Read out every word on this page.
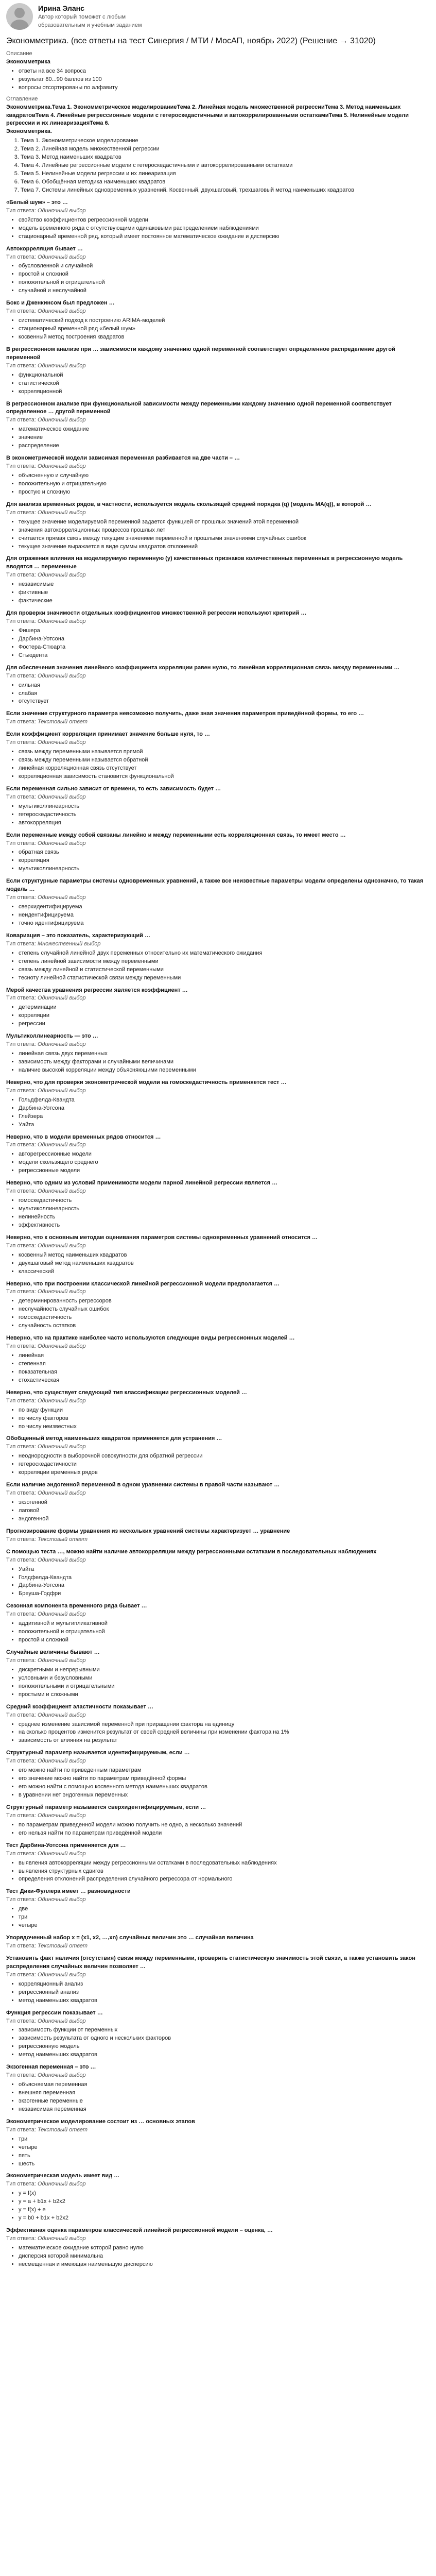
Ирина Эланс
Автор который поможет с любым образовательным и учебным заданием
Экономметрика. (все ответы на тест Синергия / МТИ / МосАП, ноябрь 2022) (Решение → 31020)
Описание
Экономметрика
• ответы на все 34 вопроса
• результат 80...90 баллов из 100
• вопросы отсортированы по алфавиту
Оглавление
Экономметрика.Тема 1. Экономметрическое моделированиеТема 2. Линейная модель множественной регрессииТема 3. Метод наименьших квадратовТема 4. Линейные регрессионные модели с гетероскедастичными и автокоррелированными остаткамиТема 5. Нелинейные модели регрессии и их линеаризацияТема 6.
Экономметрика.
1. Тема 1. Экономметрическое моделирование
2. Тема 2. Линейная модель множественной регрессии
3. Тема 3. Метод наименьших квадратов
4. Тема 4. Линейные регрессионные модели с гетероскедастичными и автокоррелированными остатками
5. Тема 5. Нелинейные модели регрессии и их линеаризация
6. Тема 6. Обобщённая методика наименьших квадратов
7. Тема 7. Системы линейных одновременных уравнений. Косвенный, двухшаговый, трехшаговый метод наименьших квадратов
«Белый шум» – это …
Тип ответа: Одиночный выбор
• свойство коэффициентов регрессионной модели
• модель временного ряда с отсутствующими одинаковыми распределением наблюдениями
• стационарный временной ряд, который имеет постоянное математическое ожидание и дисперсию
Автокорреляция бывает …
Тип ответа: Одиночный выбор
• обусловленной и случайной
• простой и сложной
• положительной и отрицательной
• случайной и неслучайной
Бокс и Дженкинсом был предложен …
Тип ответа: Одиночный выбор
• систематический подход к построению ARIMA-моделей
• стационарный временной ряд «белый шум»
• косвенный метод построения квадратов
В регрессионном анализе при … зависимости каждому значению одной переменной соответствует определенное распределение другой переменной
Тип ответа: Одиночный выбор
• функциональной
• статистической
• корреляционной
В регрессионном анализе при функциональной зависимости между переменными каждому значению одной переменной соответствует определенное … другой переменной
Тип ответа: Одиночный выбор
• математическое ожидание
• значение
• распределение
В эконометрической модели зависимая переменная разбивается на две части – …
Тип ответа: Одиночный выбор
• объясненную и случайную
• положительную и отрицательную
• простую и сложную
Для анализа временных рядов, в частности, используется модель скользящей средней порядка (q) (модель MA(q)), в которой …
Тип ответа: Одиночный выбор
• текущее значение моделируемой переменной задается функцией от прошлых значений этой переменной
• значения автокорреляционных процессов прошлых лет
• считается прямая связь между текущим значением переменной и прошлыми значениями случайных ошибок
• текущее значение выражается в виде суммы квадратов отклонений
Для отражения влияния на моделируемую переменную (y) качественных признаков количественных переменных в регрессионную модель вводятся … переменные
Тип ответа: Одиночный выбор
• независимые
• фиктивные
• фактические
Для проверки значимости отдельных коэффициентов множественной регрессии используют критерий …
Тип ответа: Одиночный выбор
• Фишера
• Дарбина-Уотсона
• Фостера-Стюарта
• Стьюдента
Для обеспечения значения линейного коэффициента корреляции равен нулю, то линейная корреляционная связь между переменными …
Тип ответа: Одиночный выбор
• сильная
• слабая
• отсутствует
Если значение структурного параметра невозможно получить, даже зная значения параметров приведённой формы, то его …
Тип ответа: Текстовый ответ
Если коэффициент корреляции принимает значение больше нуля, то …
Тип ответа: Одиночный выбор
• связь между переменными называется прямой
• связь между переменными называется обратной
• линейная корреляционная связь отсутствует
• корреляционная зависимость становится функциональной
Если переменная сильно зависит от времени, то есть зависимость будет …
Тип ответа: Одиночный выбор
• мультиколлинеарность
• гетероскедастичность
• автокорреляция
Если переменные между собой связаны линейно и между переменными есть корреляционная связь, то имеет место …
Тип ответа: Одиночный выбор
• обратная связь
• корреляция
• мультиколлинеарность
Если структурные параметры системы одновременных уравнений, а также все неизвестные параметры модели определены однозначно, то такая модель …
Тип ответа: Одиночный выбор
• сверхидентифицируема
• неидентифицируема
• точно идентифицируема
Ковариация – это показатель, характеризующий …
Тип ответа: Множественный выбор
• степень случайной линейной двух переменных относительно их математического ожидания
• степень линейной зависимости между переменными
• связь между линейной и статистической переменными
• тесноту линейной статистической связи между переменными
Мерой качества уравнения регрессии является коэффициент …
Тип ответа: Одиночный выбор
• детерминации
• корреляции
• регрессии
Мультиколлинеарность — это …
Тип ответа: Одиночный выбор
• линейная связь двух переменных
• зависимость между факторами и случайными величинами
• наличие высокой корреляции между объясняющими переменными
Неверно, что для проверки эконометрической модели на гомоскедастичность применяется тест …
Тип ответа: Одиночный выбор
• Гольдфелда-Квандта
• Дарбина-Уотсона
• Глейзера
• Уайта
Неверно, что в модели временных рядов относится …
Тип ответа: Одиночный выбор
• авторегрессионные модели
• модели скользящего среднего
• регрессионные модели
Неверно, что одним из условий применимости модели парной линейной регрессии является …
Тип ответа: Одиночный выбор
• гомоскедастичность
• мультиколлинеарность
• нелинейность
• эффективность
Неверно, что к основным методам оценивания параметров системы одновременных уравнений относится …
Тип ответа: Одиночный выбор
• косвенный метод наименьших квадратов
• двухшаговый метод наименьших квадратов
• классический
Неверно, что при построении классической линейной регрессионной модели предполагается …
Тип ответа: Одиночный выбор
• детерминированность регрессоров
• неслучайность случайных ошибок
• гомоскедастичность
• случайность остатков
Неверно, что на практике наиболее часто используются следующие виды регрессионных моделей …
Тип ответа: Одиночный выбор
• линейная
• степенная
• показательная
• стохастическая
Неверно, что существует следующий тип классификации регрессионных моделей …
Тип ответа: Одиночный выбор
• по виду функции
• по числу факторов
• по числу неизвестных
Обобщенный метод наименьших квадратов применяется для устранения …
Тип ответа: Одиночный выбор
• неоднородности в выборочной совокупности для обратной регрессии
• гетероскедастичности
• корреляции временных рядов
Если наличие эндогенной переменной в одном уравнении системы в правой части называют …
Тип ответа: Одиночный выбор
• экзогенной
• лаговой
• эндогенной
Прогнозирование формы уравнения из нескольких уравнений системы характеризует … уравнение
Тип ответа: Текстовый ответ
С помощью теста …, можно найти наличие автокорреляции между регрессионными остатками в последовательных наблюдениях
Тип ответа: Одиночный выбор
• Уайта
• Голдфелда-Квандта
• Дарбина-Уотсона
• Бреуша-Годфри
Сезонная компонента временного ряда бывает …
Тип ответа: Одиночный выбор
• аддитивной и мультипликативной
• положительной и отрицательной
• простой и сложной
Случайные величины бывают …
Тип ответа: Одиночный выбор
• дискретными и непрерывными
• условными и безусловными
• положительными и отрицательными
• простыми и сложными
Средний коэффициент эластичности показывает …
Тип ответа: Одиночный выбор
• среднее изменение зависимой переменной при приращении фактора на единицу
• на сколько процентов изменится результат от своей средней величины при изменении фактора на 1%
• зависимость от влияния на результат
Структурный параметр называется идентифицируемым, если …
Тип ответа: Одиночный выбор
• его можно найти по приведенным параметрам
• его значение можно найти по параметрам приведённой формы
• его можно найти с помощью косвенного метода наименьших квадратов
• в уравнении нет эндогенных переменных
Структурный параметр называется сверхидентифицируемым, если …
Тип ответа: Одиночный выбор
• по параметрам приведенной модели можно получить не одно, а несколько значений
• его нельзя найти по параметрам приведённой модели
Тест Дарбина-Уотсона применяется для …
Тип ответа: Одиночный выбор
• выявления автокорреляции между регрессионными остатками в последовательных наблюдениях
• выявления структурных сдвигов
• определения отклонений распределения случайного регрессора от нормального
Тест Дики-Фуллера имеет … разновидности
Тип ответа: Одиночный выбор
• две
• три
• четыре
Упорядоченный набор x = (x1, x2, …,xn) случайных величин это … случайная величина
Тип ответа: Текстовый ответ
Установить факт наличия (отсутствия) связи между переменными, проверить статистическую значимость этой связи, а также установить закон распределения случайных величин позволяет …
Тип ответа: Одиночный выбор
• корреляционный анализ
• регрессионный анализ
• метод наименьших квадратов
Функция регрессии показывает …
Тип ответа: Одиночный выбор
• зависимость функции от переменных
• зависимость результата от одного и нескольких факторов
• регрессионную модель
• метод наименьших квадратов
Экзогенная переменная – это …
Тип ответа: Одиночный выбор
• объясняемая переменная
• внешняя переменная
• экзогенные переменные
• независимая переменная
Эконометрическое моделирование состоит из … основных этапов
Тип ответа: Текстовый ответ
• три
• четыре
• пять
• шесть
Эконометрическая модель имеет вид …
Тип ответа: Одиночный выбор
• y = f(x)
• y = a + b1x + b2x2
• y = f(x) + e
• y = b0 + b1x + b2x2
Эффективная оценка параметров классической линейной регрессионной модели – оценка, …
Тип ответа: Одиночный выбор
• математическое ожидание которой равно нулю
• дисперсия которой минимальна
• несмещенная и имеющая наименьшую дисперсию
